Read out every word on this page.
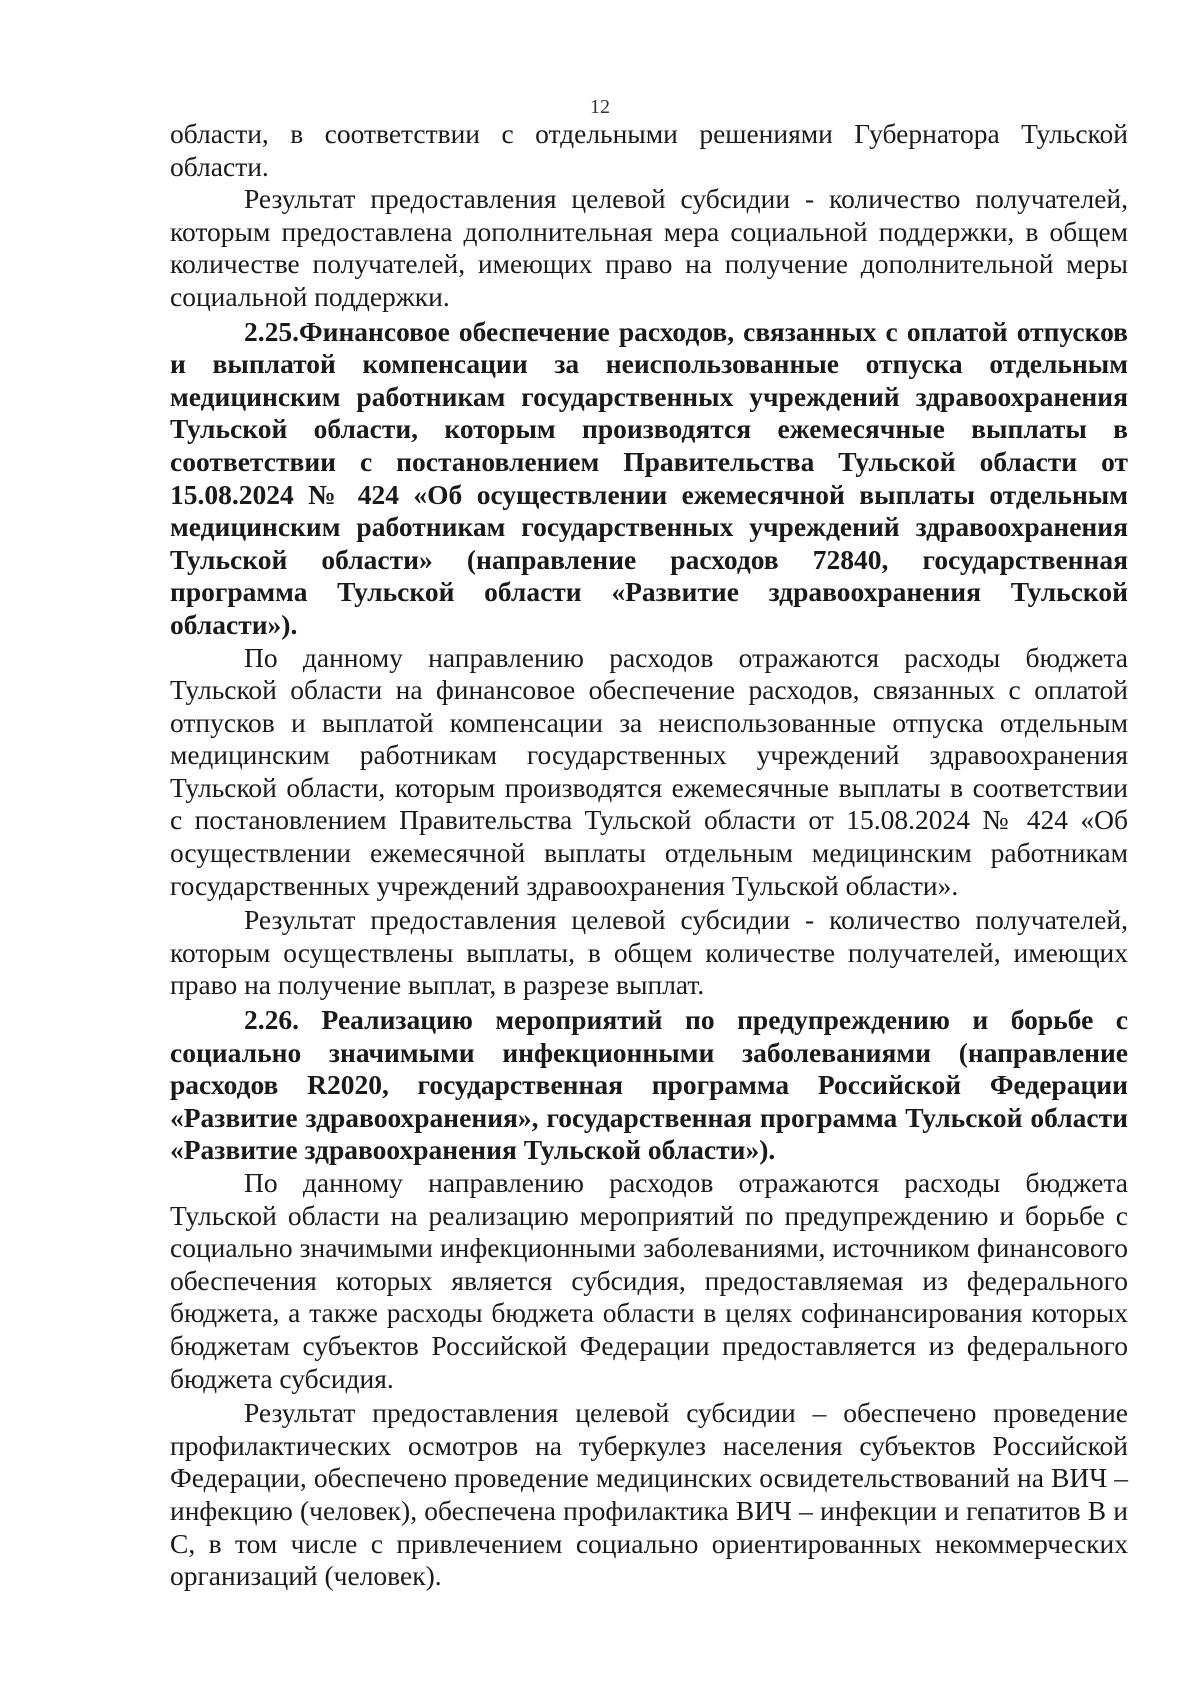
12

области, в соответствии с отдельными решениями Губернатора Тульской области.

Результат предоставления целевой субсидии - количество получателей, которым предоставлена дополнительная мера социальной поддержки, в общем количестве получателей, имеющих право на получение дополнительной меры социальной поддержки.

2.25.Финансовое обеспечение расходов, связанных с оплатой отпусков и выплатой компенсации за неиспользованные отпуска отдельным медицинским работникам государственных учреждений здравоохранения Тульской области, которым производятся ежемесячные выплаты в соответствии с постановлением Правительства Тульской области от 15.08.2024 № 424 «Об осуществлении ежемесячной выплаты отдельным медицинским работникам государственных учреждений здравоохранения Тульской области» (направление расходов 72840, государственная программа Тульской области «Развитие здравоохранения Тульской области»).

По данному направлению расходов отражаются расходы бюджета Тульской области на финансовое обеспечение расходов, связанных с оплатой отпусков и выплатой компенсации за неиспользованные отпуска отдельным медицинским работникам государственных учреждений здравоохранения Тульской области, которым производятся ежемесячные выплаты в соответствии с постановлением Правительства Тульской области от 15.08.2024 № 424 «Об осуществлении ежемесячной выплаты отдельным медицинским работникам государственных учреждений здравоохранения Тульской области».

Результат предоставления целевой субсидии - количество получателей, которым осуществлены выплаты, в общем количестве получателей, имеющих право на получение выплат, в разрезе выплат.

2.26. Реализацию мероприятий по предупреждению и борьбе с социально значимыми инфекционными заболеваниями (направление расходов R2020, государственная программа Российской Федерации «Развитие здравоохранения», государственная программа Тульской области «Развитие здравоохранения Тульской области»).

По данному направлению расходов отражаются расходы бюджета Тульской области на реализацию мероприятий по предупреждению и борьбе с социально значимыми инфекционными заболеваниями, источником финансового обеспечения которых является субсидия, предоставляемая из федерального бюджета, а также расходы бюджета области в целях софинансирования которых бюджетам субъектов Российской Федерации предоставляется из федерального бюджета субсидия.

Результат предоставления целевой субсидии – обеспечено проведение профилактических осмотров на туберкулез населения субъектов Российской Федерации, обеспечено проведение медицинских освидетельствований на ВИЧ – инфекцию (человек), обеспечена профилактика ВИЧ – инфекции и гепатитов B и C, в том числе с привлечением социально ориентированных некоммерческих организаций (человек).
